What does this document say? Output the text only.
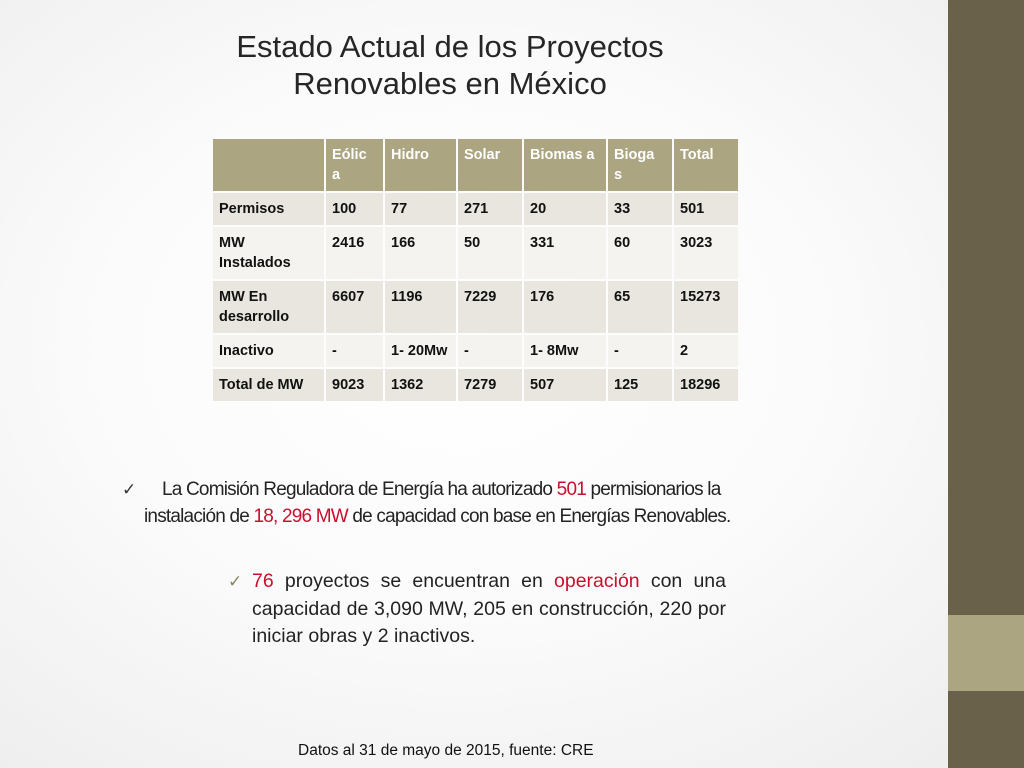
Estado Actual de los Proyectos
Renovables en México
	Eólic a	Hidro	Solar	Biomas a	Bioga s	Total
Permisos	100	77	271	20	33	501
MW Instalados	2416	166	50	331	60	3023
MW En desarrollo	6607	1196	7229	176	65	15273
Inactivo	-	1- 20Mw	-	1- 8Mw	-	2
Total de MW	9023	1362	7279	507	125	18296
✓	La Comisión Reguladora de Energía ha autorizado 501 permisionarios la
instalación de 18, 296 MW de capacidad con base en Energías Renovables.
✓ 76 proyectos se encuentran en operación con una capacidad de 3,090 MW, 205 en construcción, 220 por iniciar obras y 2 inactivos.
Datos al 31 de mayo de 2015, fuente: CRE
